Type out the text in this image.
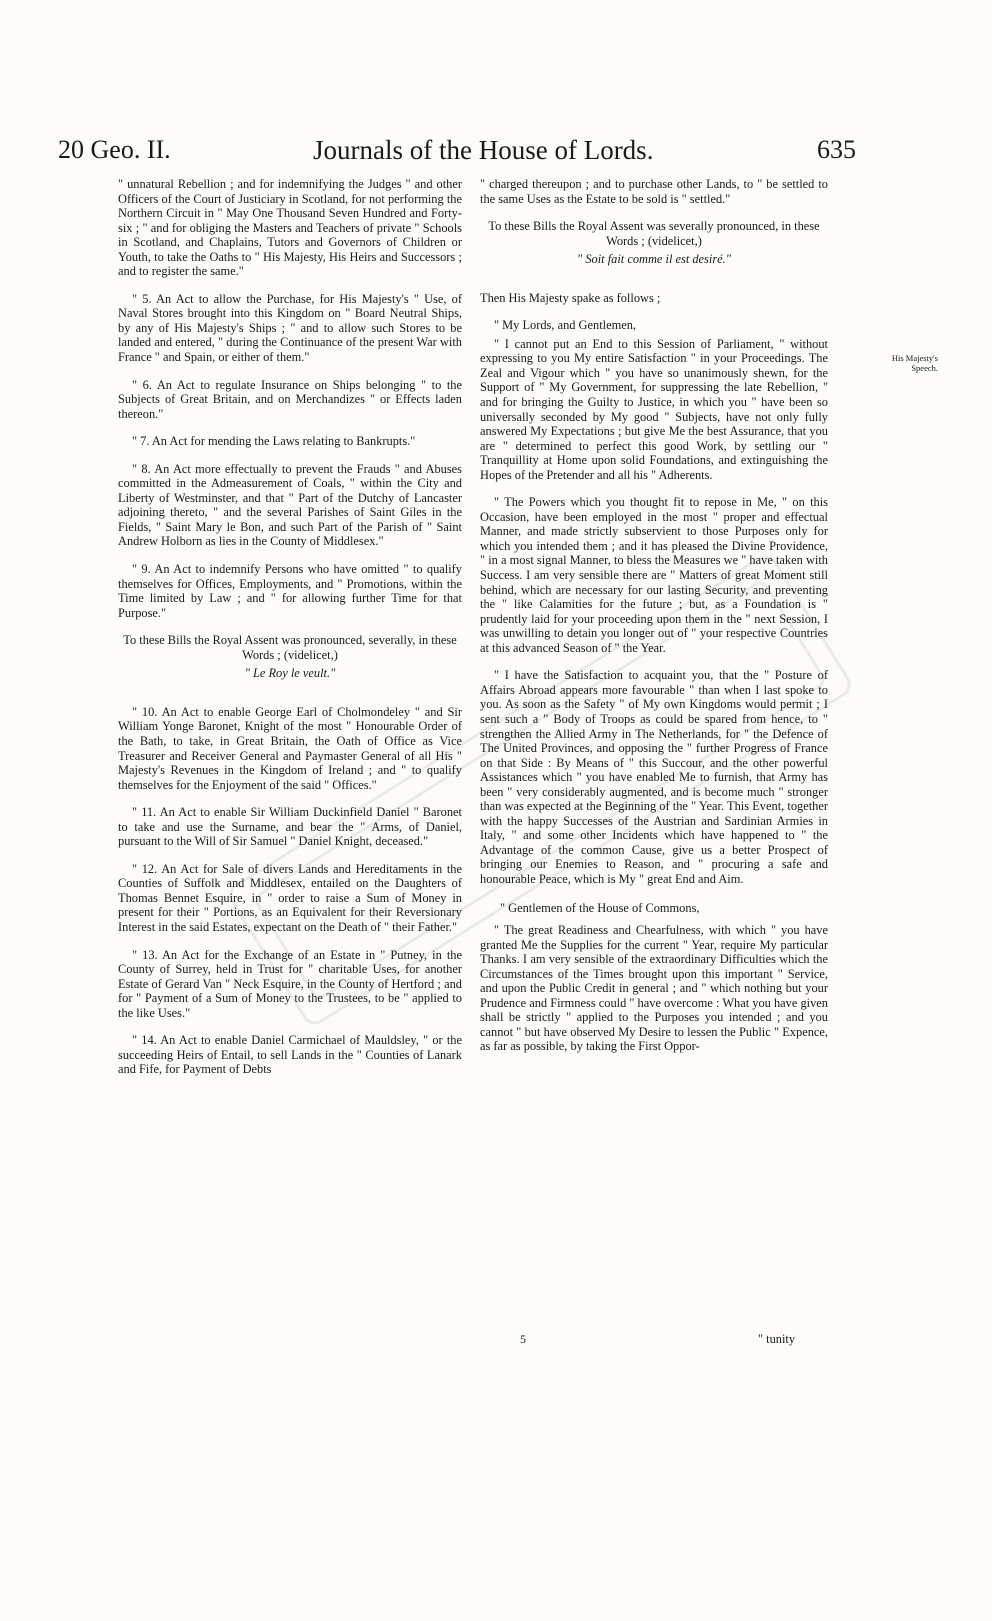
20 Geo. II.	Journals of the House of Lords.	635

" unnatural Rebellion ; and for indemnifying the Judges " and other Officers of the Court of Justiciary in Scotland, for not performing the Northern Circuit in " May One Thousand Seven Hundred and Forty-six ; " and for obliging the Masters and Teachers of private " Schools in Scotland, and Chaplains, Tutors and Governors of Children or Youth, to take the Oaths to " His Majesty, His Heirs and Successors ; and to register the same."

" 5. An Act to allow the Purchase, for His Majesty's " Use, of Naval Stores brought into this Kingdom on " Board Neutral Ships, by any of His Majesty's Ships ; " and to allow such Stores to be landed and entered, " during the Continuance of the present War with France " and Spain, or either of them."

" 6. An Act to regulate Insurance on Ships belonging " to the Subjects of Great Britain, and on Merchandizes " or Effects laden thereon."

" 7. An Act for mending the Laws relating to Bankrupts."

" 8. An Act more effectually to prevent the Frauds " and Abuses committed in the Admeasurement of Coals, " within the City and Liberty of Westminster, and that " Part of the Dutchy of Lancaster adjoining thereto, " and the several Parishes of Saint Giles in the Fields, " Saint Mary le Bon, and such Part of the Parish of " Saint Andrew Holborn as lies in the County of Middlesex."

" 9. An Act to indemnify Persons who have omitted " to qualify themselves for Offices, Employments, and " Promotions, within the Time limited by Law ; and " for allowing further Time for that Purpose."

To these Bills the Royal Assent was pronounced, severally, in these Words ; (videlicet,)

" Le Roy le veult."

" 10. An Act to enable George Earl of Cholmondeley " and Sir William Yonge Baronet, Knight of the most " Honourable Order of the Bath, to take, in Great Britain, the Oath of Office as Vice Treasurer and Receiver General and Paymaster General of all His " Majesty's Revenues in the Kingdom of Ireland ; and " to qualify themselves for the Enjoyment of the said " Offices."

" 11. An Act to enable Sir William Duckinfield Daniel " Baronet to take and use the Surname, and bear the " Arms, of Daniel, pursuant to the Will of Sir Samuel " Daniel Knight, deceased."

" 12. An Act for Sale of divers Lands and Hereditaments in the Counties of Suffolk and Middlesex, entailed on the Daughters of Thomas Bennet Esquire, in " order to raise a Sum of Money in present for their " Portions, as an Equivalent for their Reversionary Interest in the said Estates, expectant on the Death of " their Father."

" 13. An Act for the Exchange of an Estate in " Putney, in the County of Surrey, held in Trust for " charitable Uses, for another Estate of Gerard Van " Neck Esquire, in the County of Hertford ; and for " Payment of a Sum of Money to the Trustees, to be " applied to the like Uses."

" 14. An Act to enable Daniel Carmichael of Mauldsley, " or the succeeding Heirs of Entail, to sell Lands in the " Counties of Lanark and Fife, for Payment of Debts

" charged thereupon ; and to purchase other Lands, to " be settled to the same Uses as the Estate to be sold is " settled."

To these Bills the Royal Assent was severally pronounced, in these Words ; (videlicet,)

" Soit fait comme il est desiré."

Then His Majesty spake as follows ;

" My Lords, and Gentlemen,

" I cannot put an End to this Session of Parliament, " without expressing to you My entire Satisfaction " in your Proceedings. The Zeal and Vigour which " you have so unanimously shewn, for the Support of " My Government, for suppressing the late Rebellion, " and for bringing the Guilty to Justice, in which you " have been so universally seconded by My good " Subjects, have not only fully answered My Expectations ; but give Me the best Assurance, that you are " determined to perfect this good Work, by settling our " Tranquillity at Home upon solid Foundations, and extinguishing the Hopes of the Pretender and all his " Adherents.

" The Powers which you thought fit to repose in Me, " on this Occasion, have been employed in the most " proper and effectual Manner, and made strictly subservient to those Purposes only for which you intended them ; and it has pleased the Divine Providence, " in a most signal Manner, to bless the Measures we " have taken with Success. I am very sensible there are " Matters of great Moment still behind, which are necessary for our lasting Security, and preventing the " like Calamities for the future ; but, as a Foundation is " prudently laid for your proceeding upon them in the " next Session, I was unwilling to detain you longer out of " your respective Countries at this advanced Season of " the Year.

" I have the Satisfaction to acquaint you, that the " Posture of Affairs Abroad appears more favourable " than when I last spoke to you. As soon as the Safety " of My own Kingdoms would permit ; I sent such a " Body of Troops as could be spared from hence, to " strengthen the Allied Army in The Netherlands, for " the Defence of The United Provinces, and opposing the " further Progress of France on that Side : By Means of " this Succour, and the other powerful Assistances which " you have enabled Me to furnish, that Army has been " very considerably augmented, and is become much " stronger than was expected at the Beginning of the " Year. This Event, together with the happy Successes of the Austrian and Sardinian Armies in Italy, " and some other Incidents which have happened to " the Advantage of the common Cause, give us a better Prospect of bringing our Enemies to Reason, and " procuring a safe and honourable Peace, which is My " great End and Aim.

" Gentlemen of the House of Commons,

" The great Readiness and Chearfulness, with which " you have granted Me the Supplies for the current " Year, require My particular Thanks. I am very sensible of the extraordinary Difficulties which the Circumstances of the Times brought upon this important " Service, and upon the Public Credit in general ; and " which nothing but your Prudence and Firmness could " have overcome : What you have given shall be strictly " applied to the Purposes you intended ; and you cannot " but have observed My Desire to lessen the Public " Expence, as far as possible, by taking the First Oppor-

His Majesty's Speech.
5	" tunity
